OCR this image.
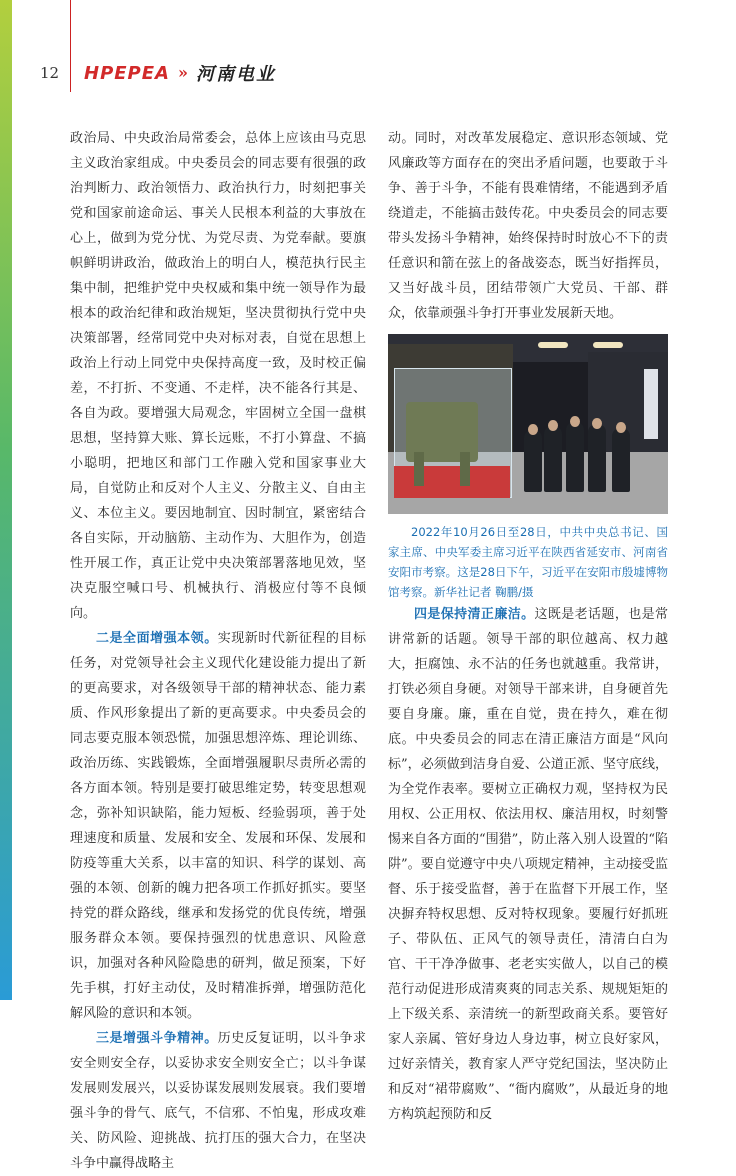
12 HPEPEA » 河南电业

政治局、中央政治局常委会，总体上应该由马克思主义政治家组成。中央委员会的同志要有很强的政治判断力、政治领悟力、政治执行力，时刻把事关党和国家前途命运、事关人民根本利益的大事放在心上，做到为党分忧、为党尽责、为党奉献。要旗帜鲜明讲政治，做政治上的明白人，模范执行民主集中制，把维护党中央权威和集中统一领导作为最根本的政治纪律和政治规矩，坚决贯彻执行党中央决策部署，经常同党中央对标对表，自觉在思想上政治上行动上同党中央保持高度一致，及时校正偏差，不打折、不变通、不走样，决不能各行其是、各自为政。要增强大局观念，牢固树立全国一盘棋思想，坚持算大账、算长远账，不打小算盘、不搞小聪明，把地区和部门工作融入党和国家事业大局，自觉防止和反对个人主义、分散主义、自由主义、本位主义。要因地制宜、因时制宜，紧密结合各自实际，开动脑筋、主动作为、大胆作为，创造性开展工作，真正让党中央决策部署落地见效，坚决克服空喊口号、机械执行、消极应付等不良倾向。

二是全面增强本领。实现新时代新征程的目标任务，对党领导社会主义现代化建设能力提出了新的更高要求，对各级领导干部的精神状态、能力素质、作风形象提出了新的更高要求。中央委员会的同志要克服本领恐慌，加强思想淬炼、理论训练、政治历练、实践锻炼，全面增强履职尽责所必需的各方面本领。特别是要打破思维定势，转变思想观念，弥补知识缺陷，能力短板、经验弱项，善于处理速度和质量、发展和安全、发展和环保、发展和防疫等重大关系，以丰富的知识、科学的谋划、高强的本领、创新的魄力把各项工作抓好抓实。要坚持党的群众路线，继承和发扬党的优良传统，增强服务群众本领。要保持强烈的忧患意识、风险意识，加强对各种风险隐患的研判，做足预案，下好先手棋，打好主动仗，及时精准拆弹，增强防范化解风险的意识和本领。

三是增强斗争精神。历史反复证明，以斗争求安全则安全存，以妥协求安全则安全亡；以斗争谋发展则发展兴，以妥协谋发展则发展衰。我们要增强斗争的骨气、底气，不信邪、不怕鬼，形成攻难关、防风险、迎挑战、抗打压的强大合力，在坚决斗争中赢得战略主

动。同时，对改革发展稳定、意识形态领域、党风廉政等方面存在的突出矛盾问题，也要敢于斗争、善于斗争，不能有畏难情绪，不能遇到矛盾绕道走，不能搞击鼓传花。中央委员会的同志要带头发扬斗争精神，始终保持时时放心不下的责任意识和箭在弦上的备战姿态，既当好指挥员，又当好战斗员，团结带领广大党员、干部、群众，依靠顽强斗争打开事业发展新天地。

2022年10月26日至28日，中共中央总书记、国家主席、中央军委主席习近平在陕西省延安市、河南省安阳市考察。这是28日下午，习近平在安阳市殷墟博物馆考察。新华社记者 鞠鹏/摄

四是保持清正廉洁。这既是老话题，也是常讲常新的话题。领导干部的职位越高、权力越大，拒腐蚀、永不沾的任务也就越重。我常讲，打铁必须自身硬。对领导干部来讲，自身硬首先要自身廉。廉，重在自觉，贵在持久，难在彻底。中央委员会的同志在清正廉洁方面是“风向标”，必须做到洁身自爱、公道正派、坚守底线，为全党作表率。要树立正确权力观，坚持权为民用权、公正用权、依法用权、廉洁用权，时刻警惕来自各方面的“围猎”，防止落入别人设置的“陷阱”。要自觉遵守中央八项规定精神，主动接受监督、乐于接受监督，善于在监督下开展工作，坚决摒弃特权思想、反对特权现象。要履行好抓班子、带队伍、正风气的领导责任，清清白白为官、干干净净做事、老老实实做人，以自己的模范行动促进形成清爽爽的同志关系、规规矩矩的上下级关系、亲清统一的新型政商关系。要管好家人亲属、管好身边人身边事，树立良好家风，过好亲情关，教育家人严守党纪国法，坚决防止和反对“裙带腐败”、“衙内腐败”，从最近身的地方构筑起预防和反
